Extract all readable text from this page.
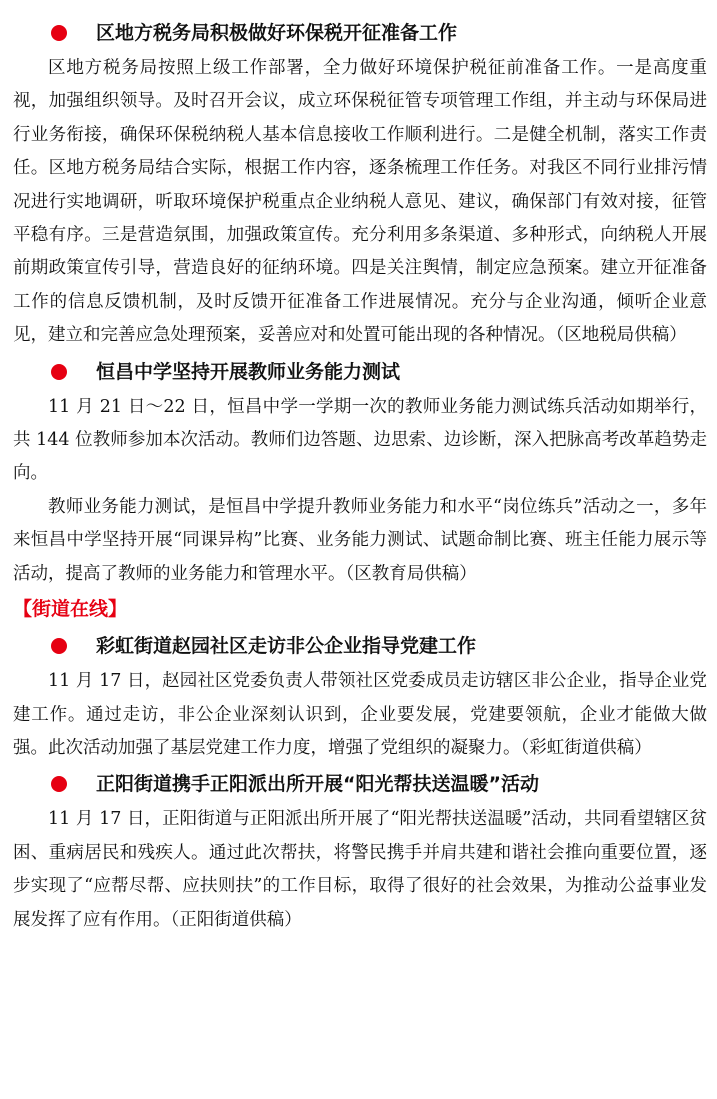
区地方税务局积极做好环保税开征准备工作

区地方税务局按照上级工作部署，全力做好环境保护税征前准备工作。一是高度重视，加强组织领导。及时召开会议，成立环保税征管专项管理工作组，并主动与环保局进行业务衔接，确保环保税纳税人基本信息接收工作顺利进行。二是健全机制，落实工作责任。区地方税务局结合实际，根据工作内容，逐条梳理工作任务。对我区不同行业排污情况进行实地调研，听取环境保护税重点企业纳税人意见、建议，确保部门有效对接，征管平稳有序。三是营造氛围，加强政策宣传。充分利用多条渠道、多种形式，向纳税人开展前期政策宣传引导，营造良好的征纳环境。四是关注舆情，制定应急预案。建立开征准备工作的信息反馈机制，及时反馈开征准备工作进展情况。充分与企业沟通，倾听企业意见，建立和完善应急处理预案，妥善应对和处置可能出现的各种情况。（区地税局供稿）

恒昌中学坚持开展教师业务能力测试

11 月 21 日～22 日，恒昌中学一学期一次的教师业务能力测试练兵活动如期举行，共 144 位教师参加本次活动。教师们边答题、边思索、边诊断，深入把脉高考改革趋势走向。

教师业务能力测试，是恒昌中学提升教师业务能力和水平“岗位练兵”活动之一，多年来恒昌中学坚持开展“同课异构”比赛、业务能力测试、试题命制比赛、班主任能力展示等活动，提高了教师的业务能力和管理水平。（区教育局供稿）

【街道在线】
彩虹街道赵园社区走访非公企业指导党建工作

11 月 17 日，赵园社区党委负责人带领社区党委成员走访辖区非公企业，指导企业党建工作。通过走访，非公企业深刻认识到，企业要发展，党建要领航，企业才能做大做强。此次活动加强了基层党建工作力度，增强了党组织的凝聚力。（彩虹街道供稿）

正阳街道携手正阳派出所开展“阳光帮扶送温暖”活动

11 月 17 日，正阳街道与正阳派出所开展了“阳光帮扶送温暖”活动，共同看望辖区贫困、重病居民和残疾人。通过此次帮扶，将警民携手并肩共建和谐社会推向重要位置，逐步实现了“应帮尽帮、应扶则扶”的工作目标，取得了很好的社会效果，为推动公益事业发展发挥了应有作用。（正阳街道供稿）
